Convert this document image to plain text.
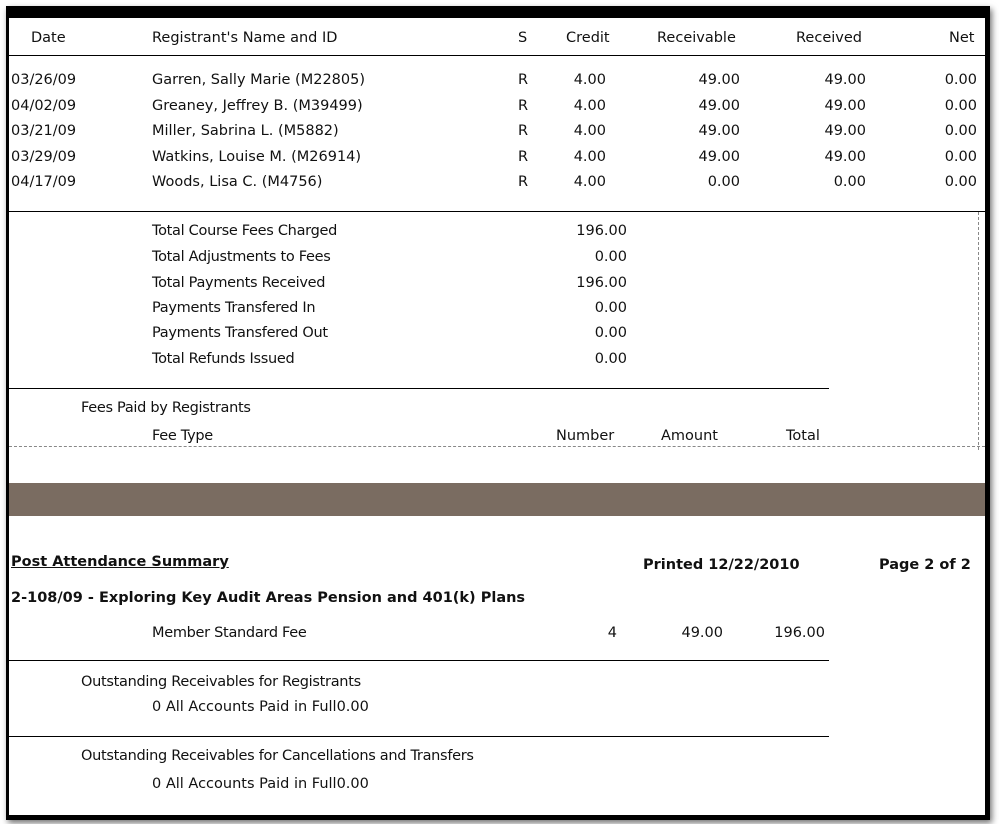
Date	Registrant's Name and ID	S	Credit	Receivable	Received	Net
03/26/09	Garren, Sally Marie (M22805)	R	4.00	49.00	49.00	0.00
04/02/09	Greaney, Jeffrey B. (M39499)	R	4.00	49.00	49.00	0.00
03/21/09	Miller, Sabrina L. (M5882)	R	4.00	49.00	49.00	0.00
03/29/09	Watkins, Louise M. (M26914)	R	4.00	49.00	49.00	0.00
04/17/09	Woods, Lisa C. (M4756)	R	4.00	0.00	0.00	0.00
Total Course Fees Charged	196.00
Total Adjustments to Fees	0.00
Total Payments Received	196.00
Payments Transfered In	0.00
Payments Transfered Out	0.00
Total Refunds Issued	0.00
Fees Paid by Registrants
Fee Type	Number	Amount	Total
Post Attendance Summary	Printed 12/22/2010	Page 2 of 2
2-108/09 - Exploring Key Audit Areas Pension and 401(k) Plans
Member Standard Fee	4	49.00	196.00
Outstanding Receivables for Registrants
0 All Accounts Paid in Full0.00
Outstanding Receivables for Cancellations and Transfers
0 All Accounts Paid in Full0.00
